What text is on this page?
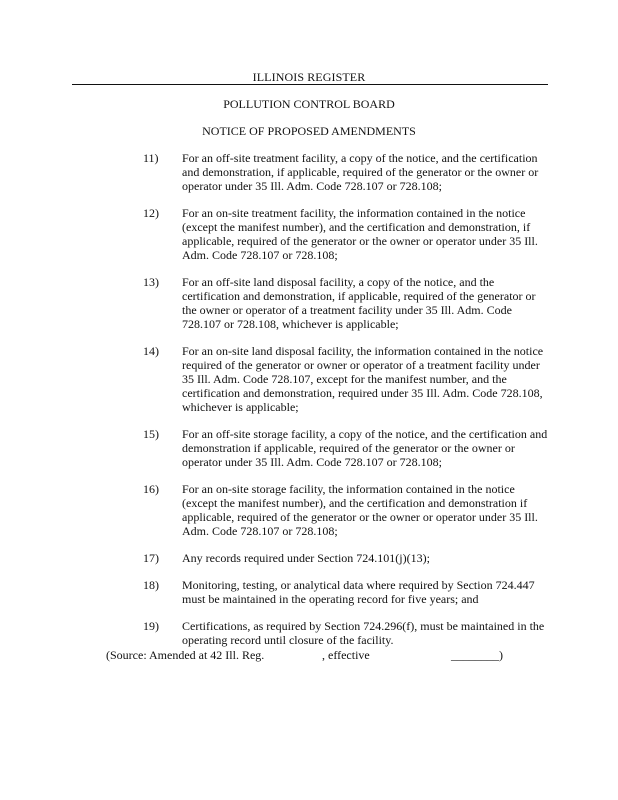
ILLINOIS REGISTER
POLLUTION CONTROL BOARD
NOTICE OF PROPOSED AMENDMENTS
11) For an off-site treatment facility, a copy of the notice, and the certification and demonstration, if applicable, required of the generator or the owner or operator under 35 Ill. Adm. Code 728.107 or 728.108;
12) For an on-site treatment facility, the information contained in the notice (except the manifest number), and the certification and demonstration, if applicable, required of the generator or the owner or operator under 35 Ill. Adm. Code 728.107 or 728.108;
13) For an off-site land disposal facility, a copy of the notice, and the certification and demonstration, if applicable, required of the generator or the owner or operator of a treatment facility under 35 Ill. Adm. Code 728.107 or 728.108, whichever is applicable;
14) For an on-site land disposal facility, the information contained in the notice required of the generator or owner or operator of a treatment facility under 35 Ill. Adm. Code 728.107, except for the manifest number, and the certification and demonstration, required under 35 Ill. Adm. Code 728.108, whichever is applicable;
15) For an off-site storage facility, a copy of the notice, and the certification and demonstration if applicable, required of the generator or the owner or operator under 35 Ill. Adm. Code 728.107 or 728.108;
16) For an on-site storage facility, the information contained in the notice (except the manifest number), and the certification and demonstration if applicable, required of the generator or the owner or operator under 35 Ill. Adm. Code 728.107 or 728.108;
17) Any records required under Section 724.101(j)(13);
18) Monitoring, testing, or analytical data where required by Section 724.447 must be maintained in the operating record for five years; and
19) Certifications, as required by Section 724.296(f), must be maintained in the operating record until closure of the facility.
(Source: Amended at 42 Ill. Reg.	, effective	________)
